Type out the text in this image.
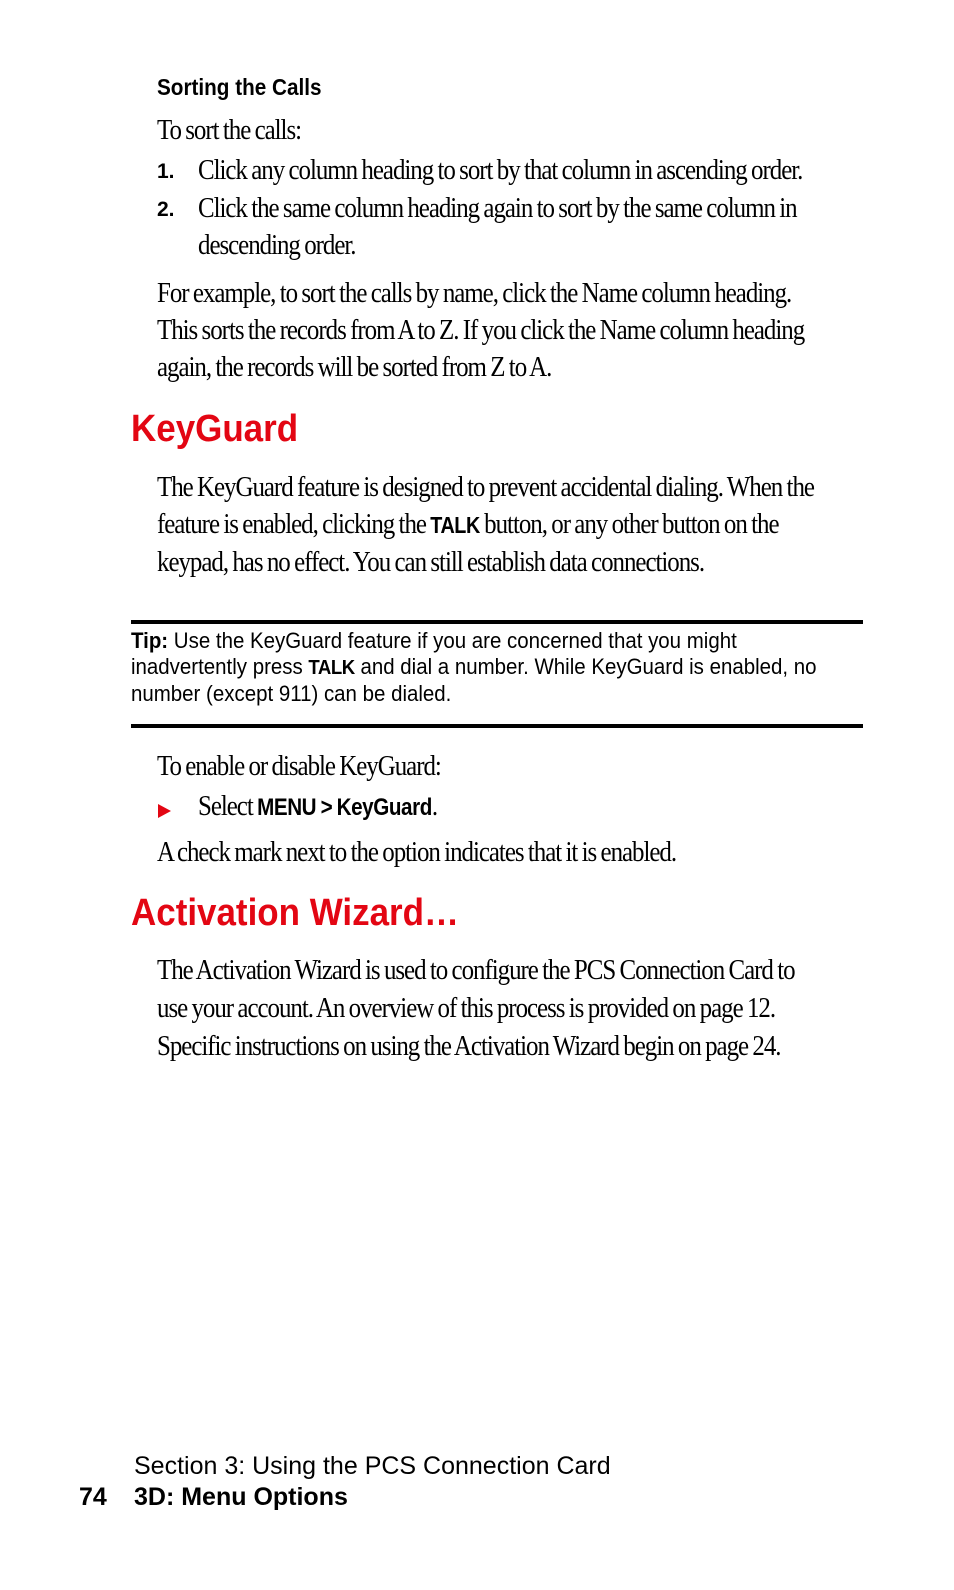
Sorting the Calls
To sort the calls:
1. Click any column heading to sort by that column in ascending order.
2. Click the same column heading again to sort by the same column in
descending order.
For example, to sort the calls by name, click the Name column heading.
This sorts the records from A to Z. If you click the Name column heading
again, the records will be sorted from Z to A.
KeyGuard
The KeyGuard feature is designed to prevent accidental dialing. When the
feature is enabled, clicking the TALK button, or any other button on the
keypad, has no effect. You can still establish data connections.
Tip: Use the KeyGuard feature if you are concerned that you might
inadvertently press TALK and dial a number. While KeyGuard is enabled, no
number (except 911) can be dialed.
To enable or disable KeyGuard:
Select MENU > KeyGuard.
A check mark next to the option indicates that it is enabled.
Activation Wizard…
The Activation Wizard is used to configure the PCS Connection Card to
use your account. An overview of this process is provided on page 12.
Specific instructions on using the Activation Wizard begin on page 24.
Section 3: Using the PCS Connection Card
74 3D: Menu Options
